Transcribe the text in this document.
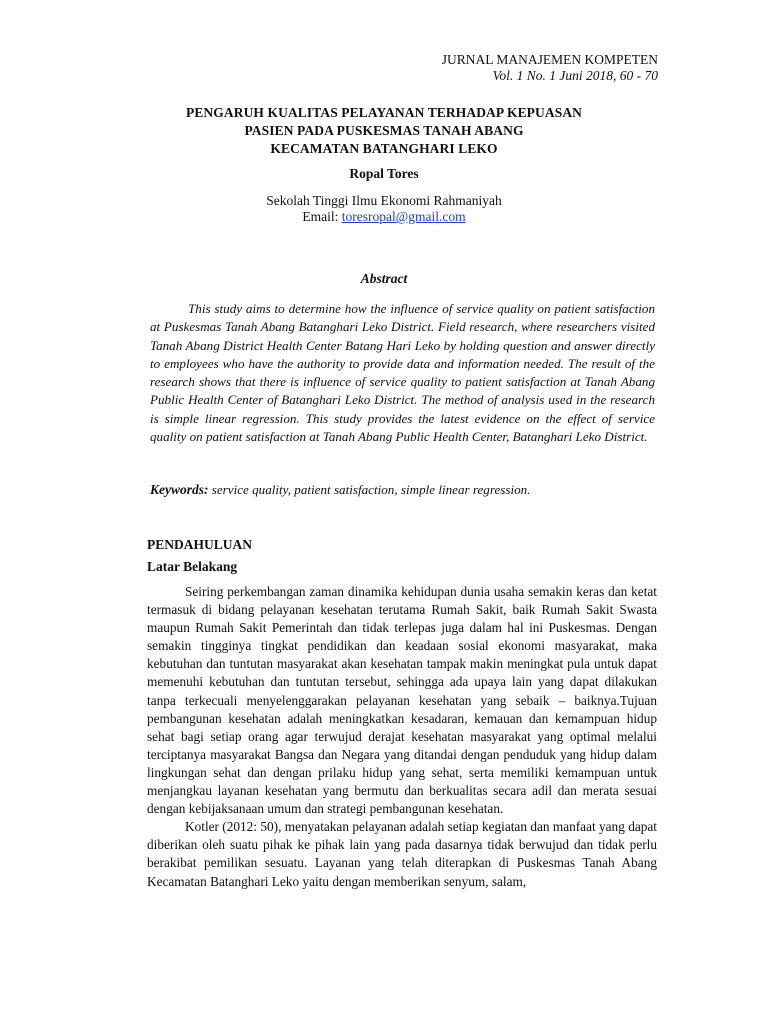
JURNAL MANAJEMEN KOMPETEN
Vol. 1 No. 1 Juni 2018, 60 - 70
PENGARUH KUALITAS PELAYANAN TERHADAP KEPUASAN
PASIEN PADA PUSKESMAS TANAH ABANG
KECAMATAN BATANGHARI LEKO
Ropal Tores
Sekolah Tinggi Ilmu Ekonomi Rahmaniyah
Email: toresropal@gmail.com
Abstract
This study aims to determine how the influence of service quality on patient satisfaction at Puskesmas Tanah Abang Batanghari Leko District. Field research, where researchers visited Tanah Abang District Health Center Batang Hari Leko by holding question and answer directly to employees who have the authority to provide data and information needed. The result of the research shows that there is influence of service quality to patient satisfaction at Tanah Abang Public Health Center of Batanghari Leko District. The method of analysis used in the research is simple linear regression. This study provides the latest evidence on the effect of service quality on patient satisfaction at Tanah Abang Public Health Center, Batanghari Leko District.
Keywords: service quality, patient satisfaction, simple linear regression.
PENDAHULUAN
Latar Belakang

Seiring perkembangan zaman dinamika kehidupan dunia usaha semakin keras dan ketat termasuk di bidang pelayanan kesehatan terutama Rumah Sakit, baik Rumah Sakit Swasta maupun Rumah Sakit Pemerintah dan tidak terlepas juga dalam hal ini Puskesmas. Dengan semakin tingginya tingkat pendidikan dan keadaan sosial ekonomi masyarakat, maka kebutuhan dan tuntutan masyarakat akan kesehatan tampak makin meningkat pula untuk dapat memenuhi kebutuhan dan tuntutan tersebut, sehingga ada upaya lain yang dapat dilakukan tanpa terkecuali menyelenggarakan pelayanan kesehatan yang sebaik – baiknya.Tujuan pembangunan kesehatan adalah meningkatkan kesadaran, kemauan dan kemampuan hidup sehat bagi setiap orang agar terwujud derajat kesehatan masyarakat yang optimal melalui terciptanya masyarakat Bangsa dan Negara yang ditandai dengan penduduk yang hidup dalam lingkungan sehat dan dengan prilaku hidup yang sehat, serta memiliki kemampuan untuk menjangkau layanan kesehatan yang bermutu dan berkualitas secara adil dan merata sesuai dengan kebijaksanaan umum dan strategi pembangunan kesehatan.

Kotler (2012: 50), menyatakan pelayanan adalah setiap kegiatan dan manfaat yang dapat diberikan oleh suatu pihak ke pihak lain yang pada dasarnya tidak berwujud dan tidak perlu berakibat pemilikan sesuatu. Layanan yang telah diterapkan di Puskesmas Tanah Abang Kecamatan Batanghari Leko yaitu dengan memberikan senyum, salam,
